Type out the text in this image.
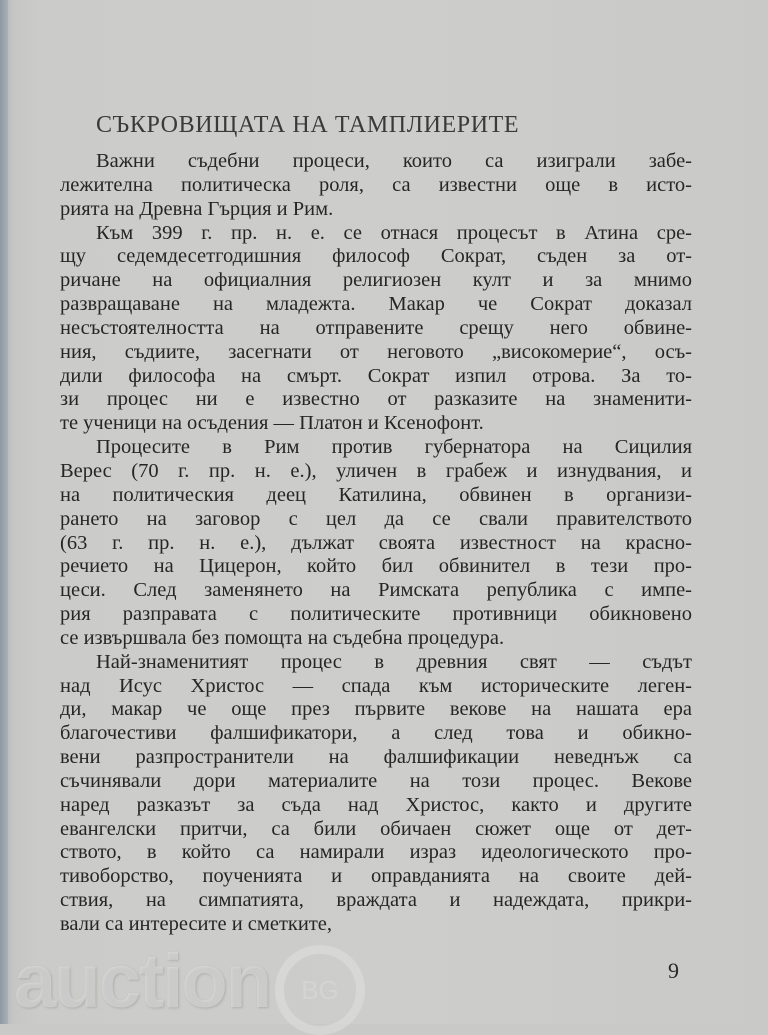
СЪКРОВИЩАТА НА ТАМПЛИЕРИТЕ
Важни съдебни процеси, които са изиграли забе-
лежителна политическа роля, са известни още в исто-
рията на Древна Гърция и Рим.
Към 399 г. пр. н. е. се отнася процесът в Атина сре-
щу седемдесетгодишния философ Сократ, съден за от-
ричане на официалния религиозен култ и за мнимо
развращаване на младежта. Макар че Сократ доказал
несъстоятелността на отправените срещу него обвине-
ния, съдиите, засегнати от неговото „високомерие“, осъ-
дили философа на смърт. Сократ изпил отрова. За то-
зи процес ни е известно от разказите на знаменити-
те ученици на осъдения — Платон и Ксенофонт.
Процесите в Рим против губернатора на Сицилия
Верес (70 г. пр. н. е.), уличен в грабеж и изнудвания, и
на политическия деец Катилина, обвинен в организи-
рането на заговор с цел да се свали правителството
(63 г. пр. н. е.), дължат своята известност на красно-
речието на Цицерон, който бил обвинител в тези про-
цеси. След заменянето на Римската република с импе-
рия разправата с политическите противници обикновено
се извършвала без помощта на съдебна процедура.
Най-знаменитият процес в древния свят — съдът
над Исус Христос — спада към историческите леген-
ди, макар че още през първите векове на нашата ера
благочестиви фалшификатори, а след това и обикно-
вени разпространители на фалшификации неведнъж са
съчинявали дори материалите на този процес. Векове
наред разказът за съда над Христос, както и другите
евангелски притчи, са били обичаен сюжет още от дет-
ството, в който са намирали израз идеологическото про-
тивоборство, поученията и оправданията на своите дей-
ствия, на симпатията, враждата и надеждата, прикри-
вали са интересите и сметките,
9
auction BG
